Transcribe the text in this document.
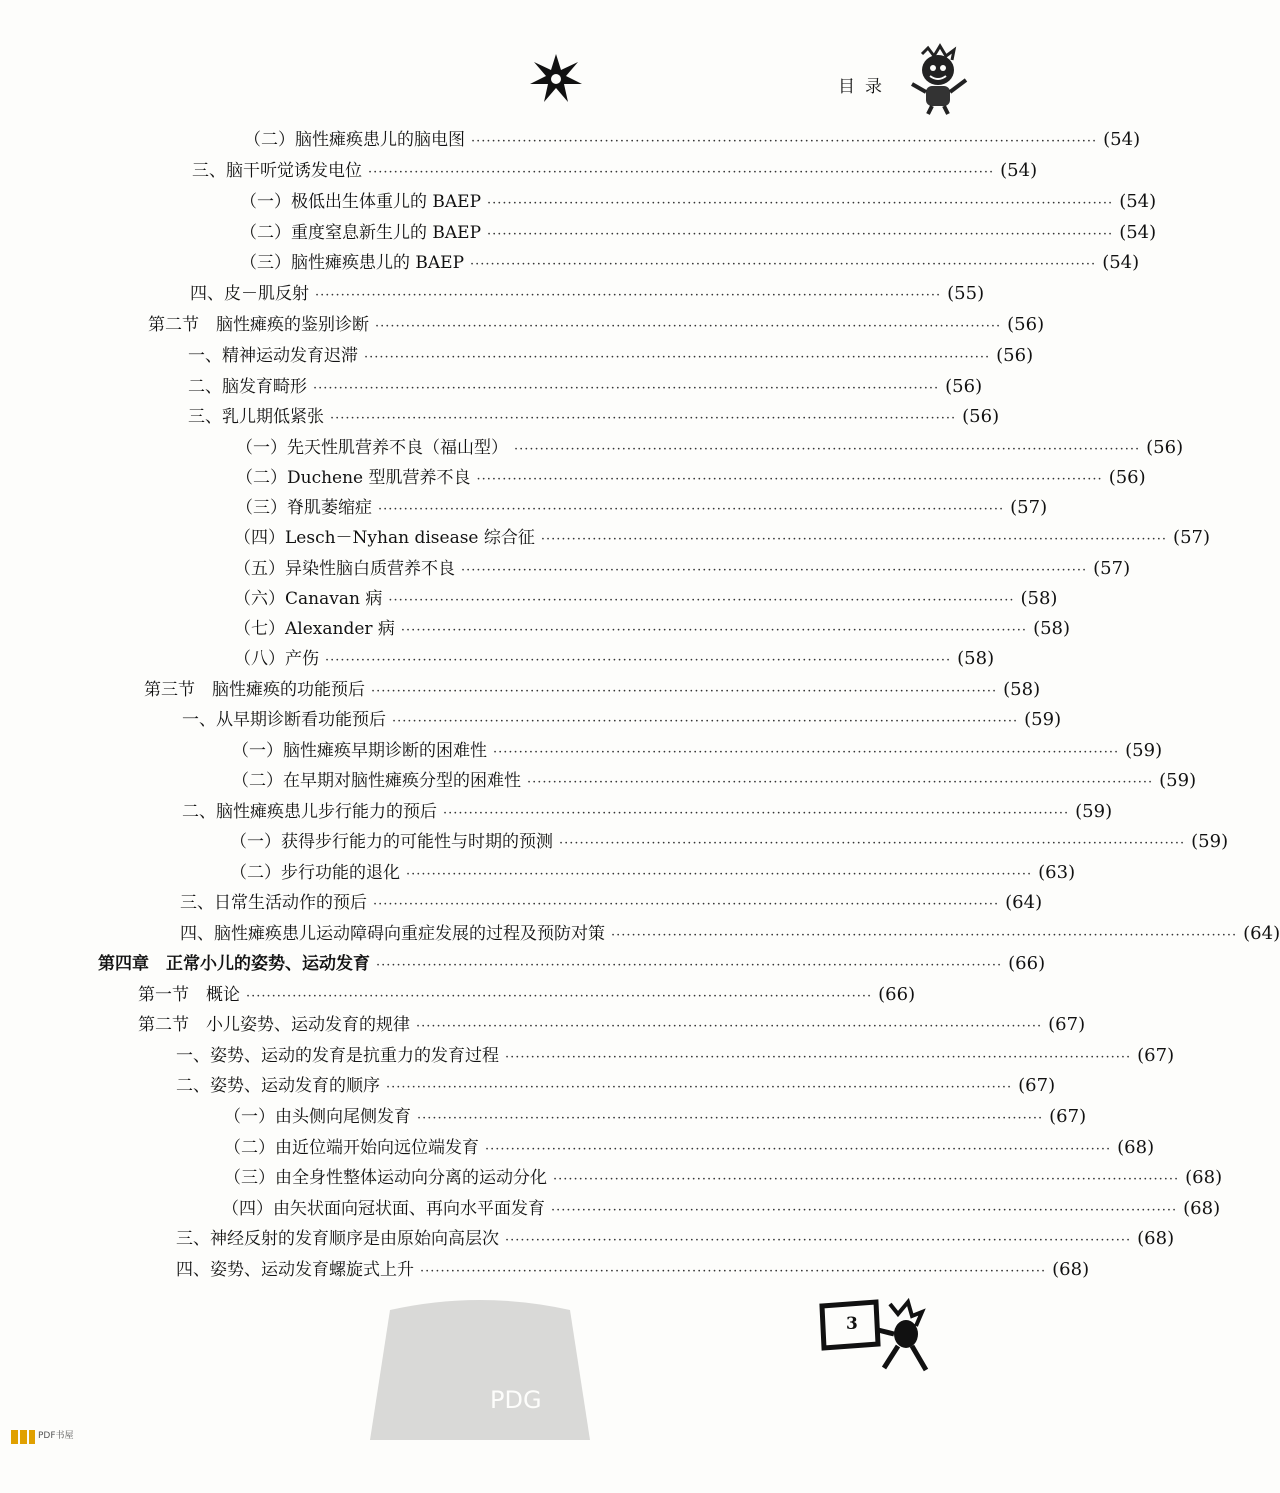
目录
（二）脑性瘫痪患儿的脑电图 ·························································································································· (54)
三、脑干听觉诱发电位 ·························································································································· (54)
（一）极低出生体重儿的 BAEP ·························································································································· (54)
（二）重度窒息新生儿的 BAEP ·························································································································· (54)
（三）脑性瘫痪患儿的 BAEP ·························································································································· (54)
四、皮－肌反射 ·························································································································· (55)
第二节　脑性瘫痪的鉴别诊断 ·························································································································· (56)
一、精神运动发育迟滞 ·························································································································· (56)
二、脑发育畸形 ·························································································································· (56)
三、乳儿期低紧张 ·························································································································· (56)
（一）先天性肌营养不良（福山型） ·························································································································· (56)
（二）Duchene 型肌营养不良 ·························································································································· (56)
（三）脊肌萎缩症 ·························································································································· (57)
（四）Lesch－Nyhan disease 综合征 ·························································································································· (57)
（五）异染性脑白质营养不良 ·························································································································· (57)
（六）Canavan 病 ·························································································································· (58)
（七）Alexander 病 ·························································································································· (58)
（八）产伤 ·························································································································· (58)
第三节　脑性瘫痪的功能预后 ·························································································································· (58)
一、从早期诊断看功能预后 ·························································································································· (59)
（一）脑性瘫痪早期诊断的困难性 ·························································································································· (59)
（二）在早期对脑性瘫痪分型的困难性 ·························································································································· (59)
二、脑性瘫痪患儿步行能力的预后 ·························································································································· (59)
（一）获得步行能力的可能性与时期的预测 ·························································································································· (59)
（二）步行功能的退化 ·························································································································· (63)
三、日常生活动作的预后 ·························································································································· (64)
四、脑性瘫痪患儿运动障碍向重症发展的过程及预防对策 ·························································································································· (64)
第四章　正常小儿的姿势、运动发育 ·························································································································· (66)
第一节　概论 ·························································································································· (66)
第二节　小儿姿势、运动发育的规律 ·························································································································· (67)
一、姿势、运动的发育是抗重力的发育过程 ·························································································································· (67)
二、姿势、运动发育的顺序 ·························································································································· (67)
（一）由头侧向尾侧发育 ·························································································································· (67)
（二）由近位端开始向远位端发育 ·························································································································· (68)
（三）由全身性整体运动向分离的运动分化 ·························································································································· (68)
（四）由矢状面向冠状面、再向水平面发育 ·························································································································· (68)
三、神经反射的发育顺序是由原始向高层次 ·························································································································· (68)
四、姿势、运动发育螺旋式上升 ·························································································································· (68)
PDG
3
PDF书屋
